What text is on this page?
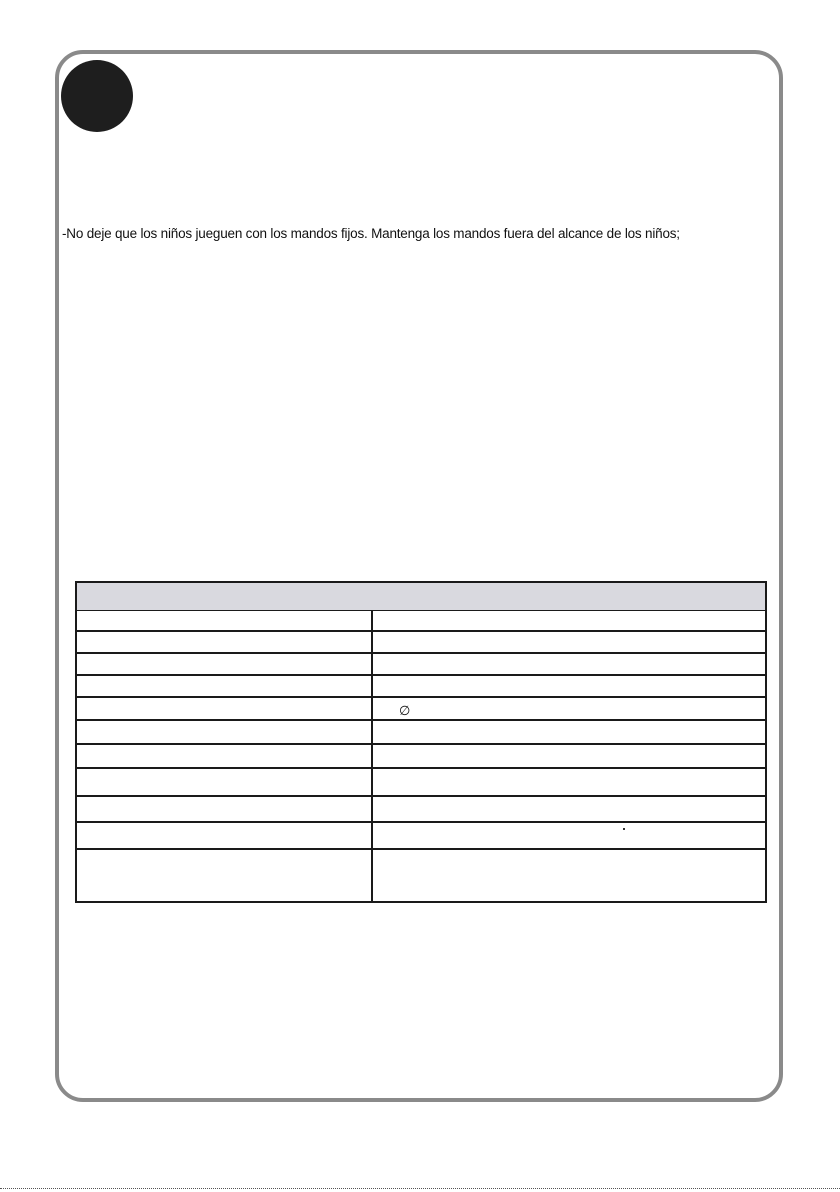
-No deje que los niños jueguen con los mandos fijos. Mantenga los mandos fuera del alcance de los niños;

∅
